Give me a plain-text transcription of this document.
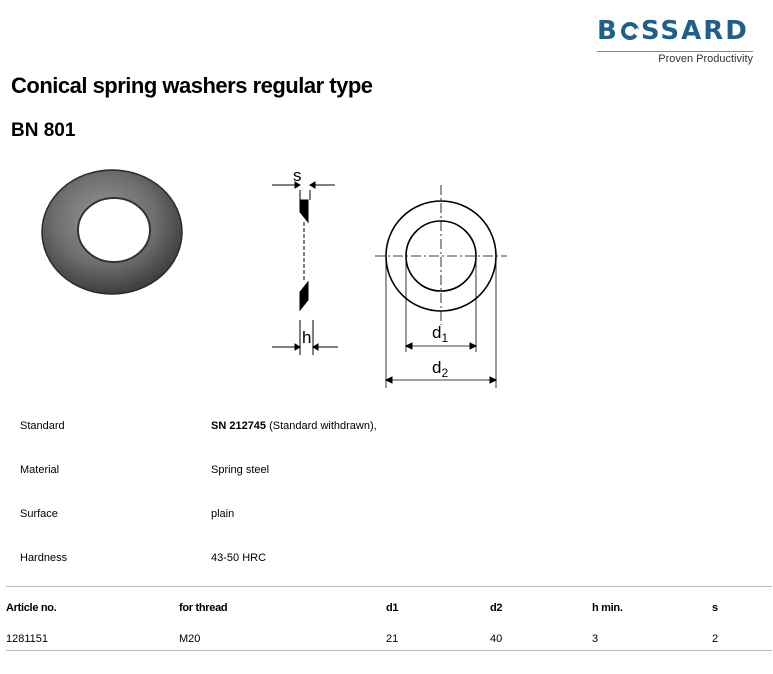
B SSARD
Proven Productivity
Conical spring washers regular type
BN 801
s
h	$d_1$
$d_2$
Standard	SN 212745 (Standard withdrawn),
Material	Spring steel
Surface	plain
Hardness	43-50 HRC
Article no.	for thread	d1	d2	h min.	s
1281151	M20	21	40	3	2
